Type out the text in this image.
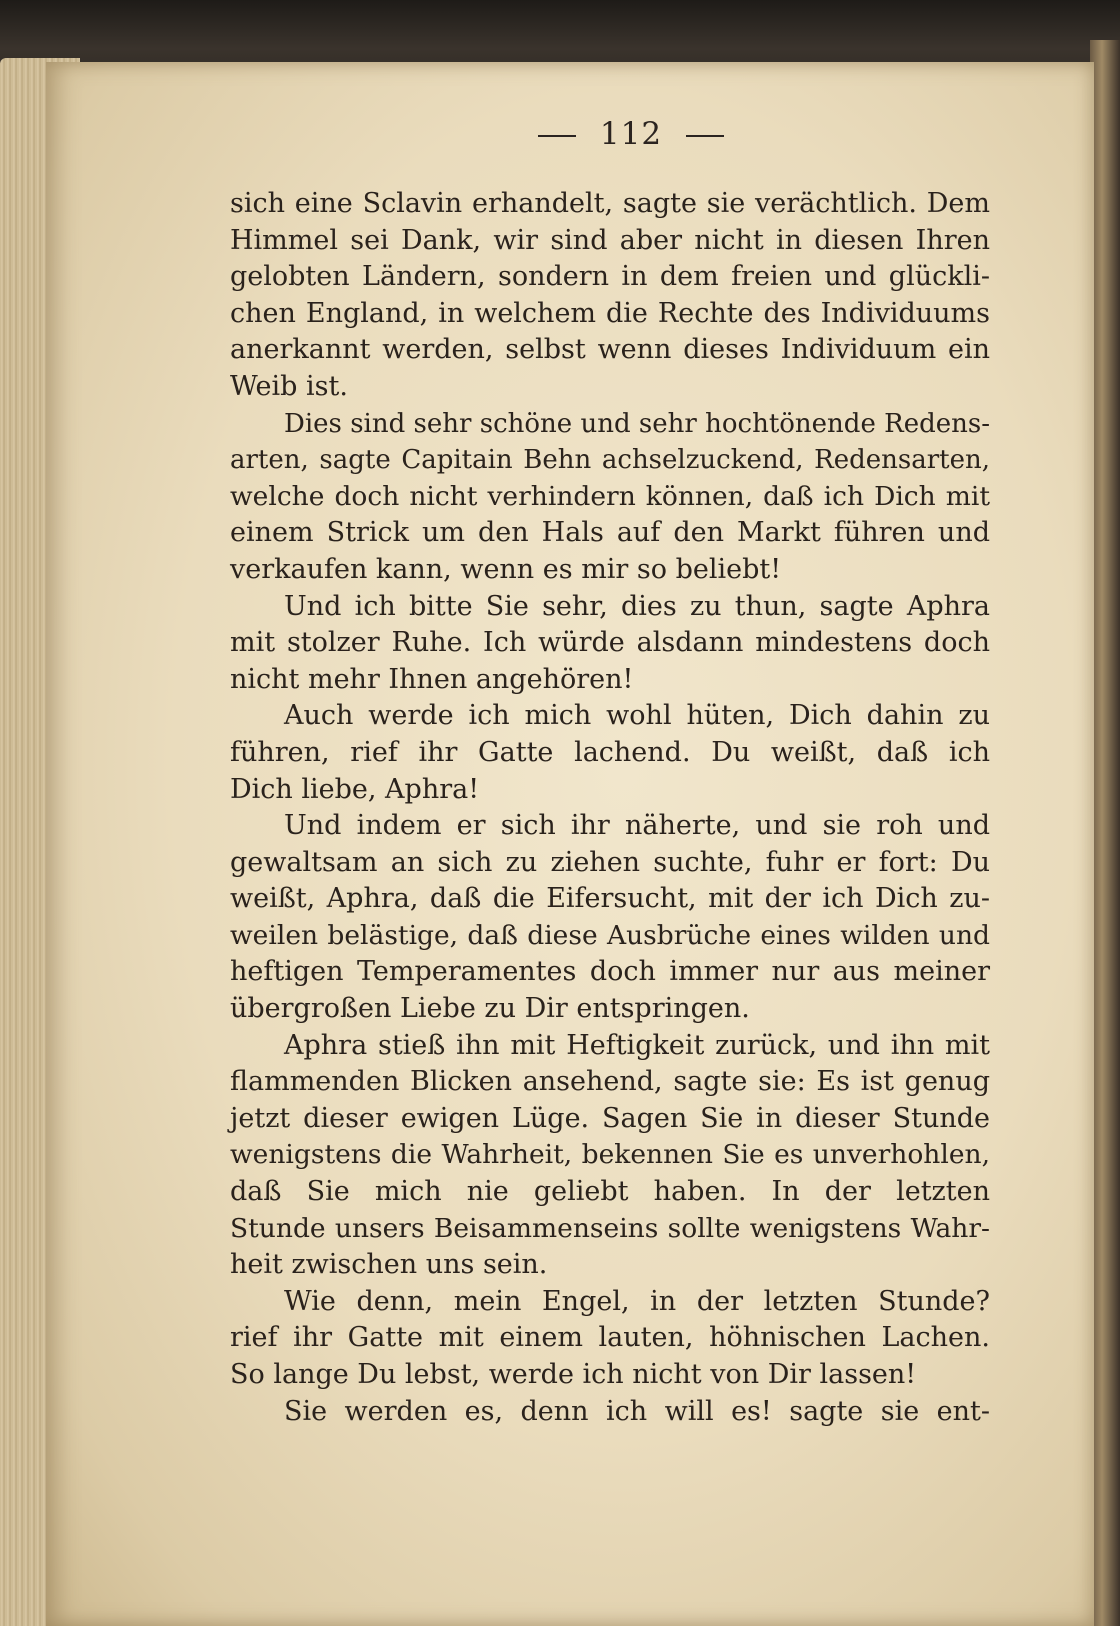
112
sich eine Sclavin erhandelt, sagte sie verächtlich. Dem
Himmel sei Dank, wir sind aber nicht in diesen Ihren
gelobten Ländern, sondern in dem freien und glückli-
chen England, in welchem die Rechte des Individuums
anerkannt werden, selbst wenn dieses Individuum ein
Weib ist.
Dies sind sehr schöne und sehr hochtönende Redens-
arten, sagte Capitain Behn achselzuckend, Redensarten,
welche doch nicht verhindern können, daß ich Dich mit
einem Strick um den Hals auf den Markt führen und
verkaufen kann, wenn es mir so beliebt!
Und ich bitte Sie sehr, dies zu thun, sagte Aphra
mit stolzer Ruhe. Ich würde alsdann mindestens doch
nicht mehr Ihnen angehören!
Auch werde ich mich wohl hüten, Dich dahin zu
führen, rief ihr Gatte lachend. Du weißt, daß ich
Dich liebe, Aphra!
Und indem er sich ihr näherte, und sie roh und
gewaltsam an sich zu ziehen suchte, fuhr er fort: Du
weißt, Aphra, daß die Eifersucht, mit der ich Dich zu-
weilen belästige, daß diese Ausbrüche eines wilden und
heftigen Temperamentes doch immer nur aus meiner
übergroßen Liebe zu Dir entspringen.
Aphra stieß ihn mit Heftigkeit zurück, und ihn mit
flammenden Blicken ansehend, sagte sie: Es ist genug
jetzt dieser ewigen Lüge. Sagen Sie in dieser Stunde
wenigstens die Wahrheit, bekennen Sie es unverhohlen,
daß Sie mich nie geliebt haben. In der letzten
Stunde unsers Beisammenseins sollte wenigstens Wahr-
heit zwischen uns sein.
Wie denn, mein Engel, in der letzten Stunde?
rief ihr Gatte mit einem lauten, höhnischen Lachen.
So lange Du lebst, werde ich nicht von Dir lassen!
Sie werden es, denn ich will es! sagte sie ent-
